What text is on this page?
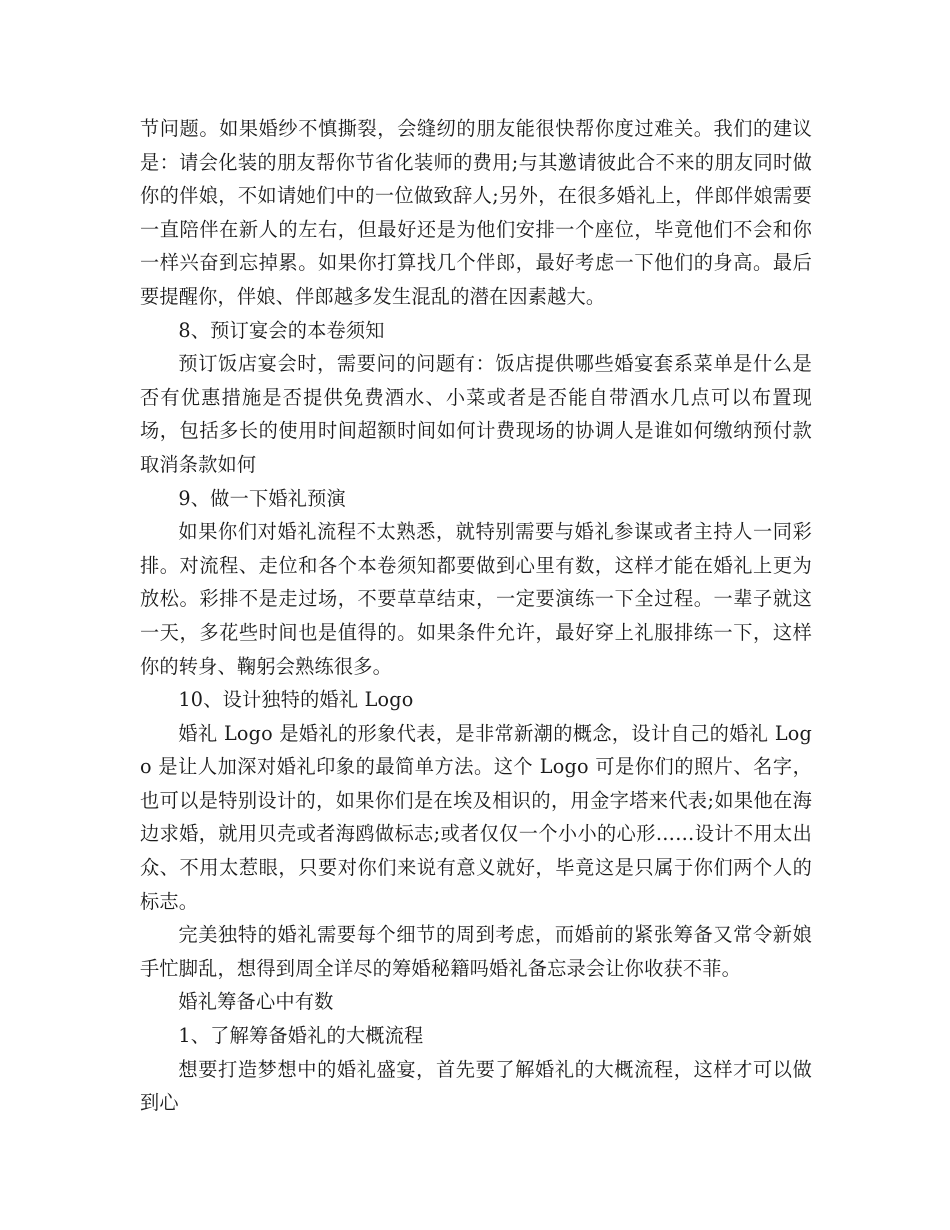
节问题。如果婚纱不慎撕裂，会缝纫的朋友能很快帮你度过难关。我们的建议是：请会化装的朋友帮你节省化装师的费用;与其邀请彼此合不来的朋友同时做你的伴娘，不如请她们中的一位做致辞人;另外，在很多婚礼上，伴郎伴娘需要一直陪伴在新人的左右，但最好还是为他们安排一个座位，毕竟他们不会和你一样兴奋到忘掉累。如果你打算找几个伴郎，最好考虑一下他们的身高。最后要提醒你，伴娘、伴郎越多发生混乱的潜在因素越大。

8、预订宴会的本卷须知

预订饭店宴会时，需要问的问题有：饭店提供哪些婚宴套系菜单是什么是否有优惠措施是否提供免费酒水、小菜或者是否能自带酒水几点可以布置现场，包括多长的使用时间超额时间如何计费现场的协调人是谁如何缴纳预付款取消条款如何

9、做一下婚礼预演

如果你们对婚礼流程不太熟悉，就特别需要与婚礼参谋或者主持人一同彩排。对流程、走位和各个本卷须知都要做到心里有数，这样才能在婚礼上更为放松。彩排不是走过场，不要草草结束，一定要演练一下全过程。一辈子就这一天，多花些时间也是值得的。如果条件允许，最好穿上礼服排练一下，这样你的转身、鞠躬会熟练很多。

10、设计独特的婚礼 Logo

婚礼 Logo 是婚礼的形象代表，是非常新潮的概念，设计自己的婚礼 Logo 是让人加深对婚礼印象的最简单方法。这个 Logo 可是你们的照片、名字，也可以是特别设计的，如果你们是在埃及相识的，用金字塔来代表;如果他在海边求婚，就用贝壳或者海鸥做标志;或者仅仅一个小小的心形……设计不用太出众、不用太惹眼，只要对你们来说有意义就好，毕竟这是只属于你们两个人的标志。

完美独特的婚礼需要每个细节的周到考虑，而婚前的紧张筹备又常令新娘手忙脚乱，想得到周全详尽的筹婚秘籍吗婚礼备忘录会让你收获不菲。

婚礼筹备心中有数

1、了解筹备婚礼的大概流程

想要打造梦想中的婚礼盛宴，首先要了解婚礼的大概流程，这样才可以做到心
